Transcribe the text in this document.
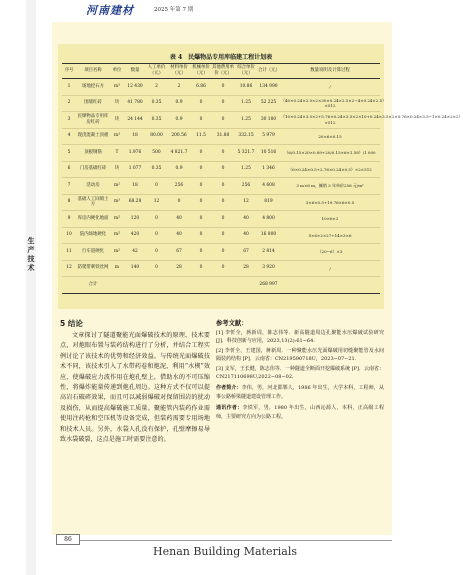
生
产
技
术
河南建材	2025 年第 7 期
表 4　民爆物品专用库临建工程计划表
序号	项目名称	单位	数量	人工单价（元）	材料单价（元）	机械单价（元）	其他费用单价（元）	综合单价（元）	合计（元）	数量说明及计算过程
1	场地挖石方	m³	12 430	2	2	6.86	0	10.86	134 990	/
2	围墙红砖	块	41 780	0.35	0.9	0	0	1.25	52 225	（40×0.24×2.5×2×30×0.24×2.5×2−4×0.24×2.5）×512
3	民爆物品专用库房红砖	块	24 144	0.35	0.9	0	0	1.25	30 180	（10×0.24×3.5×2+5.76×0.24×3.5×2×10+0.24×3.5×2×5.76×0.24×3.5−1×0.24×2×2）×512
4	现浇混凝土顶板	m³	18	80.00	200.56	11.5	31.88	332.15	5 979	20×6×0.15
5	顶板钢筋	T	1.976	500	4 821.7	0	0	5 321.7	10 516	（6/0.15×20×0.89+20/0.15×6×1.58）/1 000
6	门房基础红砖	块	1 077	0.35	0.9	0	0	1.25	1 346	（6×0.24×0.5+2.76×0.24×0.5）×2×512
7	活动房	m²	18	0	256	0	0	256	4 608	3 m×6 m，摊销 3 年单价256 元/m²
8	基础人工回填土方	m³	68.28	12	0	0	0	12	819	3×6×0.5+19.76×6×0.5
9	库房内硬化地面	m²	120	0	40	0	0	40	4 800	10×6×2
10	院内场地硬化	m²	420	0	40	0	0	40	16 800	5×6×2×27+14×3×6
11	行车道硬化	m²	42	0	67	0	0	67	2 814	（20−6）×3
12	防爬带刺铁丝网	m	140	0	28	0	0	28	3 920	/
	合计								268 997	

5 结论

文章探讨了隧道聚能光面爆破技术的原理、技术要点，对炮眼布置与装药结构进行了分析，并结合工程实例讨论了该技术的优势和经济效益。与传统光面爆破技术不同，该技术引入了水带药卷和炮泥，利用“水楔”效应，使爆破应力波作用在炮孔壁上，借助水的不可压缩性，将爆炸能量传递到炮孔周边。这种方式不仅可以提高岩石破碎效果，而且可以减弱爆破对保留围岩的扰动及损伤，从而提高爆破施工质量。聚能管内装药作业需使用注药枪和空压机等设备完成，但装药需要专用场地和技术人员。另外，水袋人孔没有保护，孔壁摩擦易导致水袋破裂，这点是施工时需要注意的。

参考文献：

[1] 李忻全，蒋新周，陈志伟等．新高隧道周边孔聚能水压爆破试验研究 [J]．科技创新与应用，2023,13(2):61−64.

[2] 李忻全，王建国，蒋新周．一种聚能水压光面爆破用切缝聚能管及水间隔装药结构 [P]．云南省：CN219590718U，2023−07−21.

[3] 支军，王长健，陈志伟等．一种隧道全断面开挖爆破系统 [P]．云南省：CN217110698U,2022−08−02.

作者简介：李伟，男，河北邯郸人，1986 年出生，大学本科，工程师，从事公路桥梁隧道建设管理工作。

通讯作者：李铁军，男，1980 年出生，山西沁源人，本科，正高级工程师，主要研究方向为公路工程。

86
Henan Building Materials
